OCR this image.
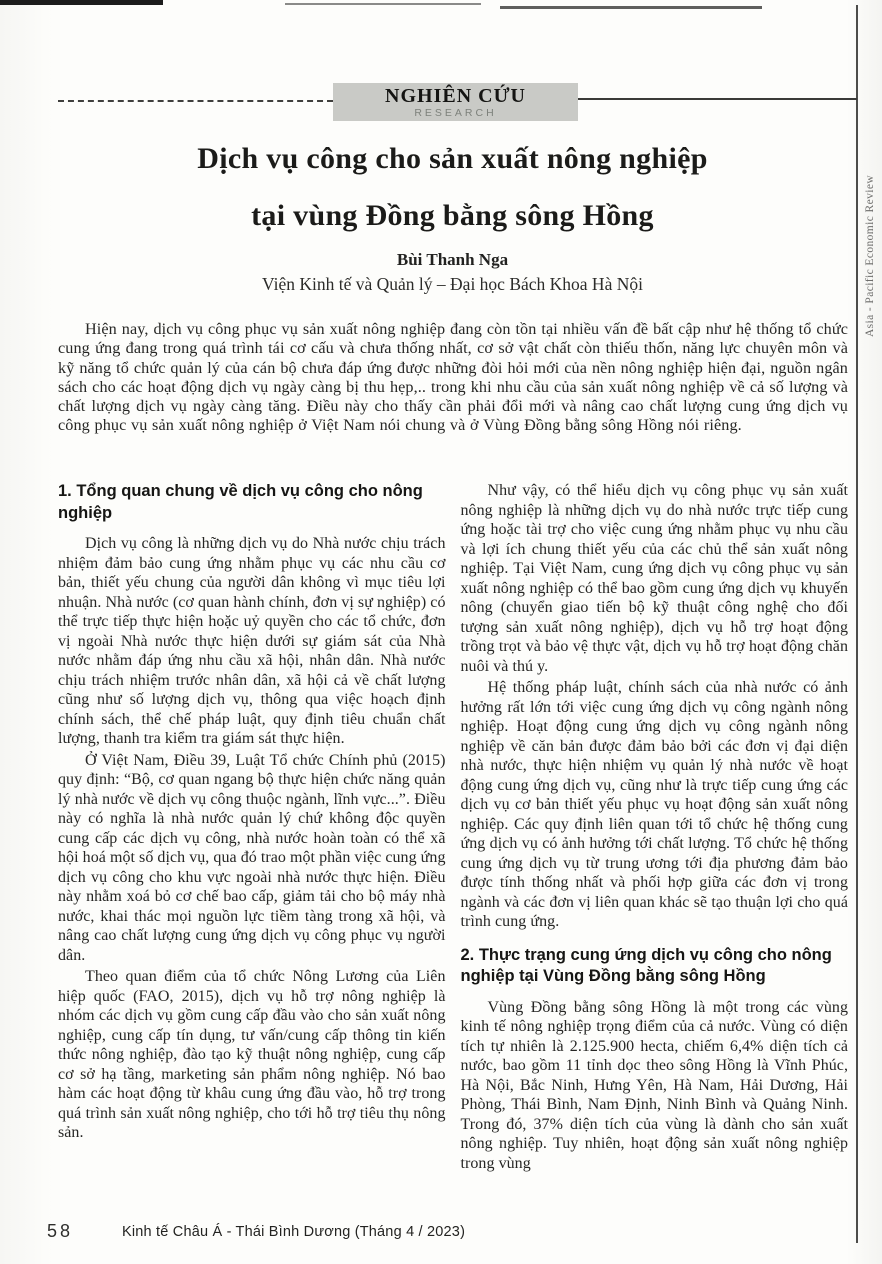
NGHIÊN CỨU
RESEARCH
Dịch vụ công cho sản xuất nông nghiệp
tại vùng Đồng bằng sông Hồng
Bùi Thanh Nga
Viện Kinh tế và Quản lý – Đại học Bách Khoa Hà Nội
Hiện nay, dịch vụ công phục vụ sản xuất nông nghiệp đang còn tồn tại nhiều vấn đề bất cập như hệ thống tổ chức cung ứng đang trong quá trình tái cơ cấu và chưa thống nhất, cơ sở vật chất còn thiếu thốn, năng lực chuyên môn và kỹ năng tổ chức quản lý của cán bộ chưa đáp ứng được những đòi hỏi mới của nền nông nghiệp hiện đại, nguồn ngân sách cho các hoạt động dịch vụ ngày càng bị thu hẹp,.. trong khi nhu cầu của sản xuất nông nghiệp về cả số lượng và chất lượng dịch vụ ngày càng tăng. Điều này cho thấy cần phải đổi mới và nâng cao chất lượng cung ứng dịch vụ công phục vụ sản xuất nông nghiệp ở Việt Nam nói chung và ở Vùng Đồng bằng sông Hồng nói riêng.
1. Tổng quan chung về dịch vụ công cho nông nghiệp

Dịch vụ công là những dịch vụ do Nhà nước chịu trách nhiệm đảm bảo cung ứng nhằm phục vụ các nhu cầu cơ bản, thiết yếu chung của người dân không vì mục tiêu lợi nhuận. Nhà nước (cơ quan hành chính, đơn vị sự nghiệp) có thể trực tiếp thực hiện hoặc uỷ quyền cho các tổ chức, đơn vị ngoài Nhà nước thực hiện dưới sự giám sát của Nhà nước nhằm đáp ứng nhu cầu xã hội, nhân dân. Nhà nước chịu trách nhiệm trước nhân dân, xã hội cả về chất lượng cũng như số lượng dịch vụ, thông qua việc hoạch định chính sách, thể chế pháp luật, quy định tiêu chuẩn chất lượng, thanh tra kiểm tra giám sát thực hiện.

Ở Việt Nam, Điều 39, Luật Tổ chức Chính phủ (2015) quy định: “Bộ, cơ quan ngang bộ thực hiện chức năng quản lý nhà nước về dịch vụ công thuộc ngành, lĩnh vực...”. Điều này có nghĩa là nhà nước quản lý chứ không độc quyền cung cấp các dịch vụ công, nhà nước hoàn toàn có thể xã hội hoá một số dịch vụ, qua đó trao một phần việc cung ứng dịch vụ công cho khu vực ngoài nhà nước thực hiện. Điều này nhằm xoá bỏ cơ chế bao cấp, giảm tải cho bộ máy nhà nước, khai thác mọi nguồn lực tiềm tàng trong xã hội, và nâng cao chất lượng cung ứng dịch vụ công phục vụ người dân.

Theo quan điểm của tổ chức Nông Lương của Liên hiệp quốc (FAO, 2015), dịch vụ hỗ trợ nông nghiệp là nhóm các dịch vụ gồm cung cấp đầu vào cho sản xuất nông nghiệp, cung cấp tín dụng, tư vấn/cung cấp thông tin kiến thức nông nghiệp, đào tạo kỹ thuật nông nghiệp, cung cấp cơ sở hạ tầng, marketing sản phẩm nông nghiệp. Nó bao hàm các hoạt động từ khâu cung ứng đầu vào, hỗ trợ trong quá trình sản xuất nông nghiệp, cho tới hỗ trợ tiêu thụ nông sản.

Như vậy, có thể hiểu dịch vụ công phục vụ sản xuất nông nghiệp là những dịch vụ do nhà nước trực tiếp cung ứng hoặc tài trợ cho việc cung ứng nhằm phục vụ nhu cầu và lợi ích chung thiết yếu của các chủ thể sản xuất nông nghiệp. Tại Việt Nam, cung ứng dịch vụ công phục vụ sản xuất nông nghiệp có thể bao gồm cung ứng dịch vụ khuyến nông (chuyển giao tiến bộ kỹ thuật công nghệ cho đối tượng sản xuất nông nghiệp), dịch vụ hỗ trợ hoạt động trồng trọt và bảo vệ thực vật, dịch vụ hỗ trợ hoạt động chăn nuôi và thú y.

Hệ thống pháp luật, chính sách của nhà nước có ảnh hưởng rất lớn tới việc cung ứng dịch vụ công ngành nông nghiệp. Hoạt động cung ứng dịch vụ công ngành nông nghiệp về căn bản được đảm bảo bởi các đơn vị đại diện nhà nước, thực hiện nhiệm vụ quản lý nhà nước về hoạt động cung ứng dịch vụ, cũng như là trực tiếp cung ứng các dịch vụ cơ bản thiết yếu phục vụ hoạt động sản xuất nông nghiệp. Các quy định liên quan tới tổ chức hệ thống cung ứng dịch vụ có ảnh hưởng tới chất lượng. Tổ chức hệ thống cung ứng dịch vụ từ trung ương tới địa phương đảm bảo được tính thống nhất và phối hợp giữa các đơn vị trong ngành và các đơn vị liên quan khác sẽ tạo thuận lợi cho quá trình cung ứng.

2. Thực trạng cung ứng dịch vụ công cho nông nghiệp tại Vùng Đồng bằng sông Hồng

Vùng Đồng bằng sông Hồng là một trong các vùng kinh tế nông nghiệp trọng điểm của cả nước. Vùng có diện tích tự nhiên là 2.125.900 hecta, chiếm 6,4% diện tích cả nước, bao gồm 11 tỉnh dọc theo sông Hồng là Vĩnh Phúc, Hà Nội, Bắc Ninh, Hưng Yên, Hà Nam, Hải Dương, Hải Phòng, Thái Bình, Nam Định, Ninh Bình và Quảng Ninh. Trong đó, 37% diện tích của vùng là dành cho sản xuất nông nghiệp. Tuy nhiên, hoạt động sản xuất nông nghiệp trong vùng

58	Kinh tế Châu Á - Thái Bình Dương (Tháng 4 / 2023)
Asia - Pacific Economic Review
